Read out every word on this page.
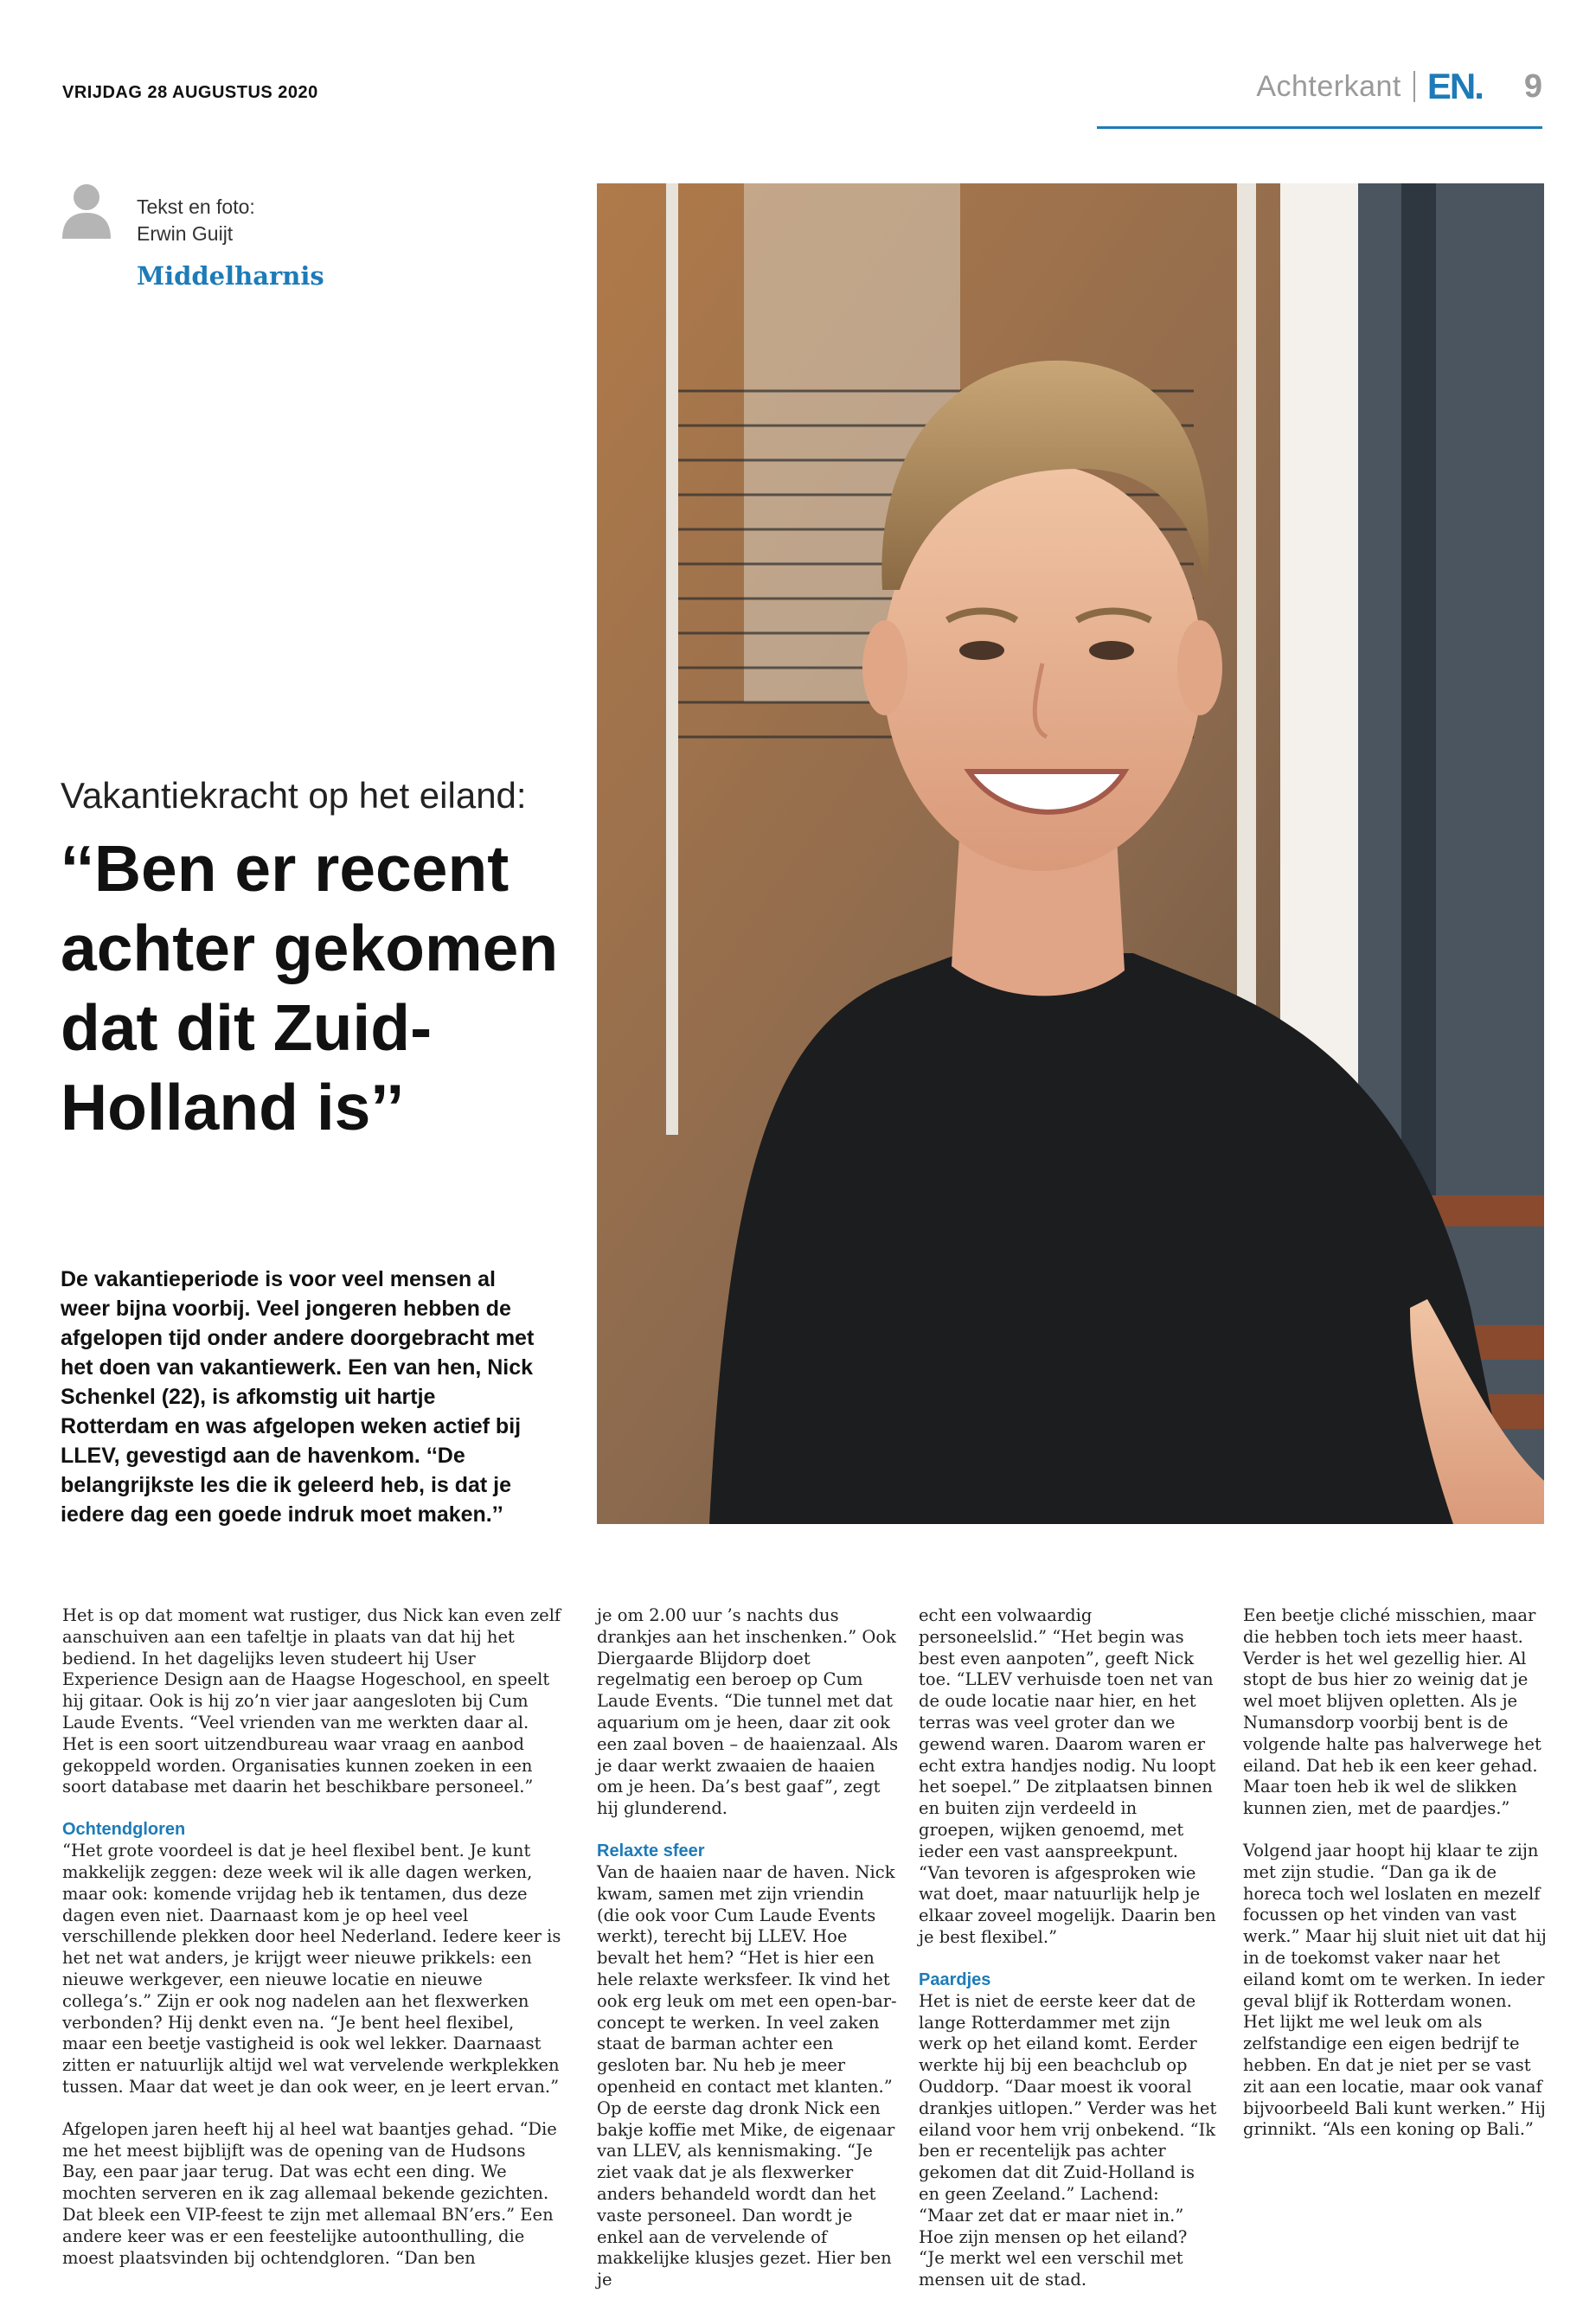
VRIJDAG 28 AUGUSTUS 2020	Achterkant EN. 9
Tekst en foto:
Erwin Guijt
Middelharnis
Vakantiekracht op het eiland:
‘‘Ben er recent achter gekomen dat dit Zuid-Holland is’’

De vakantieperiode is voor veel mensen al weer bijna voorbij. Veel jongeren hebben de afgelopen tijd onder andere doorgebracht met het doen van vakantiewerk. Een van hen, Nick Schenkel (22), is afkomstig uit hartje Rotterdam en was afgelopen weken actief bij LLEV, gevestigd aan de havenkom. ‘‘De belangrijkste les die ik geleerd heb, is dat je iedere dag een goede indruk moet maken.’’

Het is op dat moment wat rustiger, dus Nick kan even zelf aanschuiven aan een tafeltje in plaats van dat hij het bediend. In het dagelijks leven studeert hij User Experience Design aan de Haagse Hogeschool, en speelt hij gitaar. Ook is hij zo’n vier jaar aangesloten bij Cum Laude Events. “Veel vrienden van me werkten daar al. Het is een soort uitzendbureau waar vraag en aanbod gekoppeld worden. Organisaties kunnen zoeken in een soort database met daarin het beschikbare personeel.”

Ochtendgloren

“Het grote voordeel is dat je heel flexibel bent. Je kunt makkelijk zeggen: deze week wil ik alle dagen werken, maar ook: komende vrijdag heb ik tentamen, dus deze dagen even niet. Daarnaast kom je op heel veel verschillende plekken door heel Nederland. Iedere keer is het net wat anders, je krijgt weer nieuwe prikkels: een nieuwe werkgever, een nieuwe locatie en nieuwe collega’s.” Zijn er ook nog nadelen aan het flexwerken verbonden? Hij denkt even na. “Je bent heel flexibel, maar een beetje vastigheid is ook wel lekker. Daarnaast zitten er natuurlijk altijd wel wat vervelende werkplekken tussen. Maar dat weet je dan ook weer, en je leert ervan.”

Afgelopen jaren heeft hij al heel wat baantjes gehad. “Die me het meest bijblijft was de opening van de Hudsons Bay, een paar jaar terug. Dat was echt een ding. We mochten serveren en ik zag allemaal bekende gezichten. Dat bleek een VIP-feest te zijn met allemaal BN’ers.” Een andere keer was er een feestelijke autoonthulling, die moest plaatsvinden bij ochtendgloren. “Dan ben

je om 2.00 uur ’s nachts dus drankjes aan het inschenken.” Ook Diergaarde Blijdorp doet regelmatig een beroep op Cum Laude Events. “Die tunnel met dat aquarium om je heen, daar zit ook een zaal boven – de haaienzaal. Als je daar werkt zwaaien de haaien om je heen. Da’s best gaaf”, zegt hij glunderend.

Relaxte sfeer

Van de haaien naar de haven. Nick kwam, samen met zijn vriendin (die ook voor Cum Laude Events werkt), terecht bij LLEV. Hoe bevalt het hem? “Het is hier een hele relaxte werksfeer. Ik vind het ook erg leuk om met een open-bar-concept te werken. In veel zaken staat de barman achter een gesloten bar. Nu heb je meer openheid en contact met klanten.” Op de eerste dag dronk Nick een bakje koffie met Mike, de eigenaar van LLEV, als kennismaking. “Je ziet vaak dat je als flexwerker anders behandeld wordt dan het vaste personeel. Dan wordt je enkel aan de vervelende of makkelijke klusjes gezet. Hier ben je

echt een volwaardig personeelslid.” “Het begin was best even aanpoten”, geeft Nick toe. “LLEV verhuisde toen net van de oude locatie naar hier, en het terras was veel groter dan we gewend waren. Daarom waren er echt extra handjes nodig. Nu loopt het soepel.” De zitplaatsen binnen en buiten zijn verdeeld in groepen, wijken genoemd, met ieder een vast aanspreekpunt. “Van tevoren is afgesproken wie wat doet, maar natuurlijk help je elkaar zoveel mogelijk. Daarin ben je best flexibel.”

Paardjes

Het is niet de eerste keer dat de lange Rotterdammer met zijn werk op het eiland komt. Eerder werkte hij bij een beachclub op Ouddorp. “Daar moest ik vooral drankjes uitlopen.” Verder was het eiland voor hem vrij onbekend. “Ik ben er recentelijk pas achter gekomen dat dit Zuid-Holland is en geen Zeeland.” Lachend: “Maar zet dat er maar niet in.” Hoe zijn mensen op het eiland? “Je merkt wel een verschil met mensen uit de stad.

Een beetje cliché misschien, maar die hebben toch iets meer haast. Verder is het wel gezellig hier. Al stopt de bus hier zo weinig dat je wel moet blijven opletten. Als je Numansdorp voorbij bent is de volgende halte pas halverwege het eiland. Dat heb ik een keer gehad. Maar toen heb ik wel de slikken kunnen zien, met de paardjes.”

Volgend jaar hoopt hij klaar te zijn met zijn studie. “Dan ga ik de horeca toch wel loslaten en mezelf focussen op het vinden van vast werk.” Maar hij sluit niet uit dat hij in de toekomst vaker naar het eiland komt om te werken. In ieder geval blijf ik Rotterdam wonen. Het lijkt me wel leuk om als zelfstandige een eigen bedrijf te hebben. En dat je niet per se vast zit aan een locatie, maar ook vanaf bijvoorbeeld Bali kunt werken.” Hij grinnikt. “Als een koning op Bali.”
